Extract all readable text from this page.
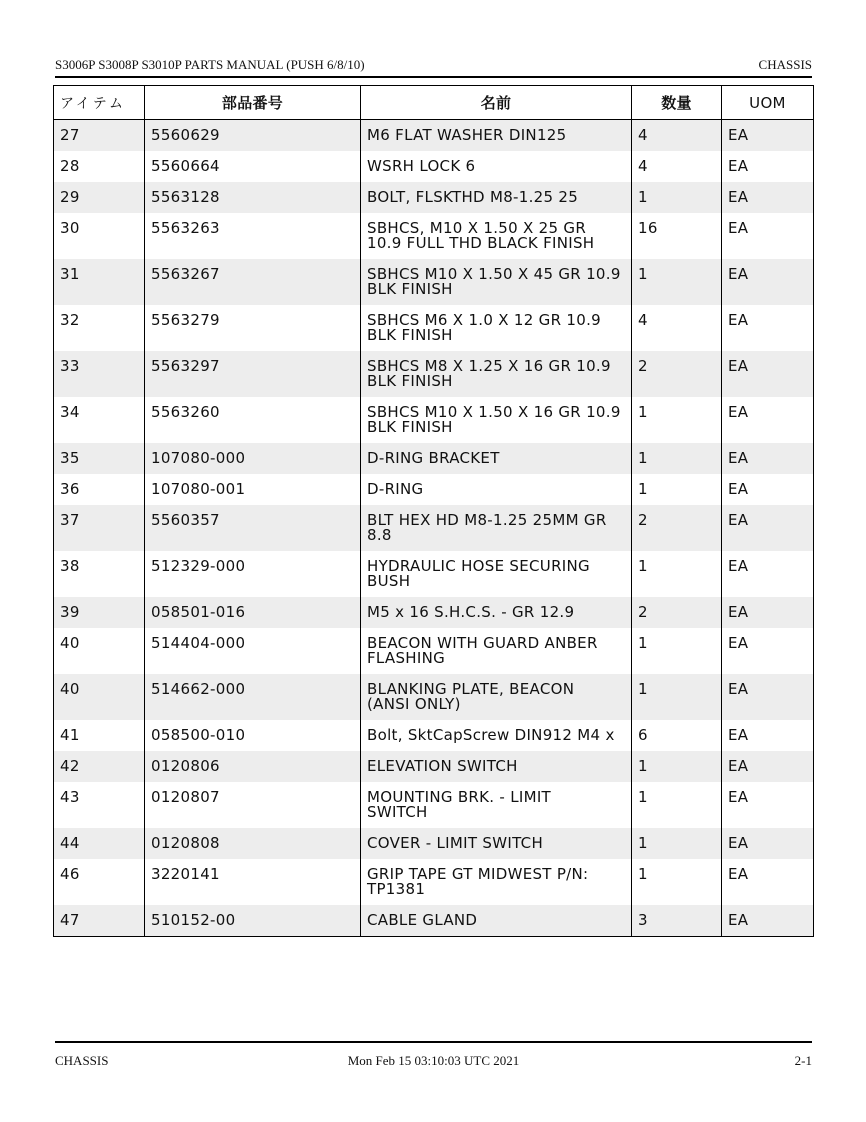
S3006P S3008P S3010P PARTS MANUAL (PUSH 6/8/10)	CHASSIS
アイテム	部品番号	名前	数量	UOM
27	5560629	M6 FLAT WASHER DIN125	4	EA
28	5560664	WSRH LOCK 6	4	EA
29	5563128	BOLT, FLSKTHD M8-1.25 25	1	EA
30	5563263	SBHCS, M10 X 1.50 X 25 GR
10.9 FULL THD BLACK FINISH	16	EA
31	5563267	SBHCS M10 X 1.50 X 45 GR 10.9
BLK FINISH	1	EA
32	5563279	SBHCS M6 X 1.0 X 12 GR 10.9
BLK FINISH	4	EA
33	5563297	SBHCS M8 X 1.25 X 16 GR 10.9
BLK FINISH	2	EA
34	5563260	SBHCS M10 X 1.50 X 16 GR 10.9
BLK FINISH	1	EA
35	107080-000	D-RING BRACKET	1	EA
36	107080-001	D-RING	1	EA
37	5560357	BLT HEX HD M8-1.25 25MM GR
8.8	2	EA
38	512329-000	HYDRAULIC HOSE SECURING
BUSH	1	EA
39	058501-016	M5 x 16 S.H.C.S. - GR 12.9	2	EA
40	514404-000	BEACON WITH GUARD ANBER
FLASHING	1	EA
40	514662-000	BLANKING PLATE, BEACON
(ANSI ONLY)	1	EA
41	058500-010	Bolt, SktCapScrew DIN912 M4 x	6	EA
42	0120806	ELEVATION SWITCH	1	EA
43	0120807	MOUNTING BRK. - LIMIT
SWITCH	1	EA
44	0120808	COVER - LIMIT SWITCH	1	EA
46	3220141	GRIP TAPE GT MIDWEST P/N:
TP1381	1	EA
47	510152-00	CABLE GLAND	3	EA
CHASSIS	Mon Feb 15 03:10:03 UTC 2021	2-1
